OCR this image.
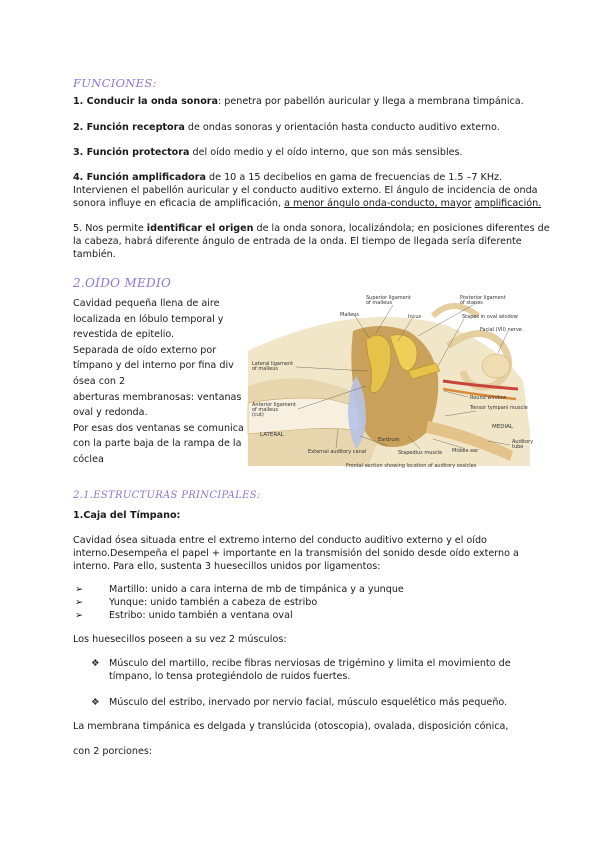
FUNCIONES:
1. Conducir la onda sonora: penetra por pabellón auricular y llega a membrana timpánica.
2. Función receptora de ondas sonoras y orientación hasta conducto auditivo externo.
3. Función protectora del oído medio y el oído interno, que son más sensibles.
4. Función amplificadora de 10 a 15 decibelios en gama de frecuencias de 1.5 –7 KHz.
Intervienen el pabellón auricular y el conducto auditivo externo. El ángulo de incidencia de onda
sonora influye en eficacia de amplificación, a menor ángulo onda-conducto, mayor amplificación.
5. Nos permite identificar el origen de la onda sonora, localizándola; en posiciones diferentes de
la cabeza, habrá diferente ángulo de entrada de la onda. El tiempo de llegada sería diferente
también.
2.OÍDO MEDIO
Cavidad pequeña llena de aire
localizada en lóbulo temporal y
revestida de epitelio.
Separada de oído externo por
tímpano y del interno por fina div
ósea con 2
aberturas membranosas: ventanas
oval y redonda.
Por esas dos ventanas se comunica
con la parte baja de la rampa de la
cóclea
Malleus
Superior ligament
of malleus
Incus
Posterior ligament
of stapes
Stapes in oval window
Facial (VII) nerve
Lateral ligament
of malleus
Anterior ligament
of malleus
(cut)
LATERAL
Round window
Tensor tympani muscle
MEDIAL
Auditory
tube
Eardrum
External auditory canal	Stapedius muscle Middle ear
Frontal section showing location of auditory ossicles
2.1.ESTRUCTURAS PRINCIPALES:
1.Caja del Tímpano:
Cavidad ósea situada entre el extremo interno del conducto auditivo externo y el oído
interno.Desempeña el papel + importante en la transmisión del sonido desde oído externo a
interno. Para ello, sustenta 3 huesecillos unidos por ligamentos:
➢	Martillo: unido a cara interna de mb de timpánica y a yunque
➢	Yunque: unido también a cabeza de estribo
➢	Estribo: unido también a ventana oval
Los huesecillos poseen a su vez 2 músculos:
❖ Músculo del martillo, recibe fibras nerviosas de trigémino y limita el movimiento de
tímpano, lo tensa protegiéndolo de ruidos fuertes.
❖ Músculo del estribo, inervado por nervio facial, músculo esquelético más pequeño.
La membrana timpánica es delgada y translúcida (otoscopia), ovalada, disposición cónica,
con 2 porciones:
